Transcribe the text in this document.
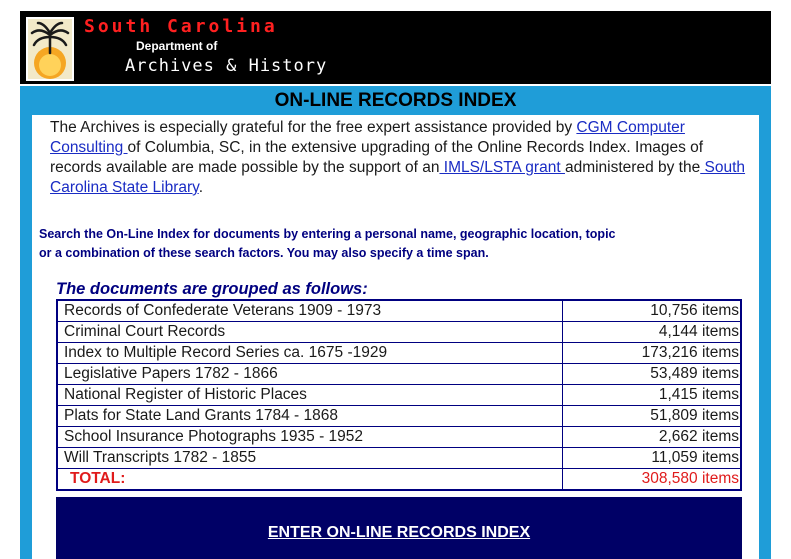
South Carolina
Department of
Archives & History
ON-LINE RECORDS INDEX
The Archives is especially grateful for the free expert assistance provided by CGM Computer Consulting of Columbia, SC, in the extensive upgrading of the Online Records Index. Images of records available are made possible by the support of an IMLS/LSTA grant administered by the South Carolina State Library.
Search the On-Line Index for documents by entering a personal name, geographic location, topic
or a combination of these search factors. You may also specify a time span.
The documents are grouped as follows:
Records of Confederate Veterans 1909 - 1973	10,756 items
Criminal Court Records	4,144 items
Index to Multiple Record Series ca. 1675 -1929	173,216 items
Legislative Papers 1782 - 1866	53,489 items
National Register of Historic Places	1,415 items
Plats for State Land Grants 1784 - 1868	51,809 items
School Insurance Photographs 1935 - 1952	2,662 items
Will Transcripts 1782 - 1855	11,059 items
TOTAL:	308,580 items
ENTER ON-LINE RECORDS INDEX
